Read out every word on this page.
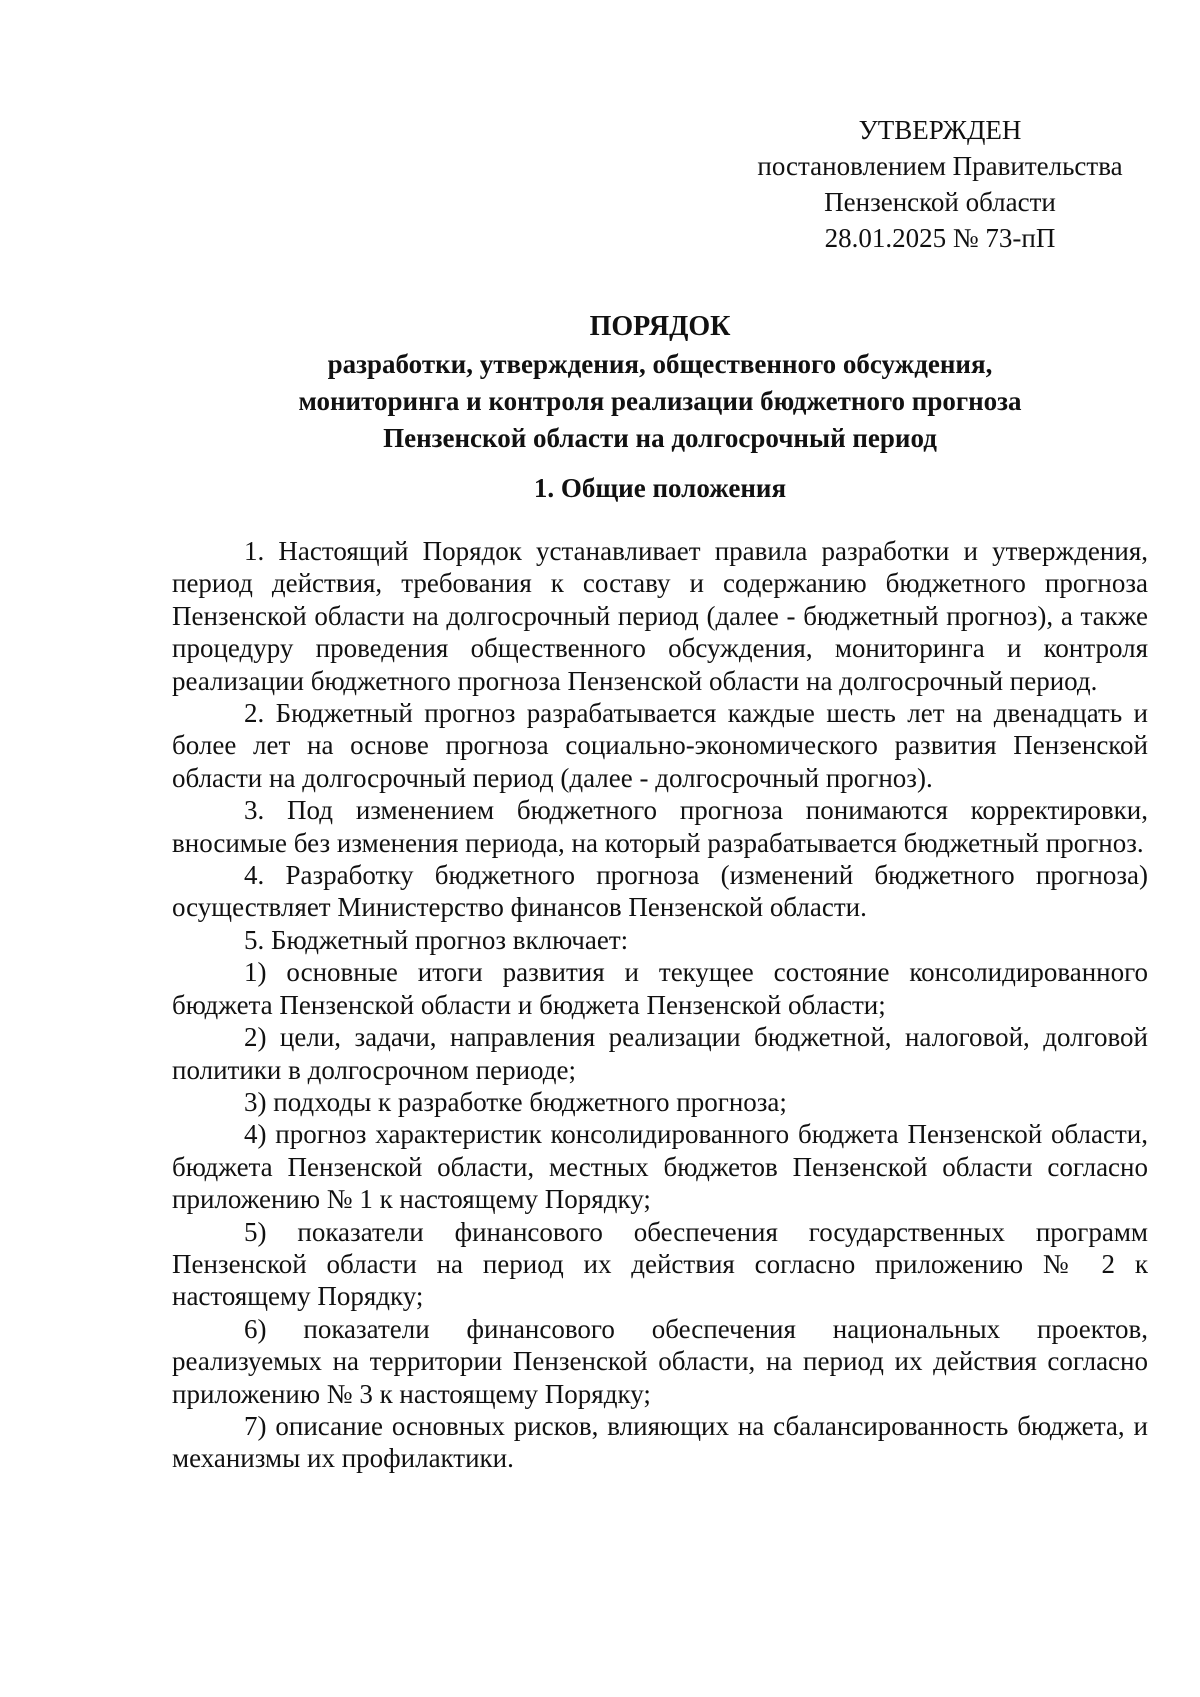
УТВЕРЖДЕН
постановлением Правительства
Пензенской области
28.01.2025 № 73-пП
ПОРЯДОК
разработки, утверждения, общественного обсуждения,
мониторинга и контроля реализации бюджетного прогноза
Пензенской области на долгосрочный период
1. Общие положения

1. Настоящий Порядок устанавливает правила разработки и утверждения, период действия, требования к составу и содержанию бюджетного прогноза Пензенской области на долгосрочный период (далее - бюджетный прогноз), а также процедуру проведения общественного обсуждения, мониторинга и контроля реализации бюджетного прогноза Пензенской области на долгосрочный период.

2. Бюджетный прогноз разрабатывается каждые шесть лет на двенадцать и более лет на основе прогноза социально-экономического развития Пензенской области на долгосрочный период (далее - долгосрочный прогноз).

3. Под изменением бюджетного прогноза понимаются корректировки, вносимые без изменения периода, на который разрабатывается бюджетный прогноз.

4. Разработку бюджетного прогноза (изменений бюджетного прогноза) осуществляет Министерство финансов Пензенской области.

5. Бюджетный прогноз включает:

1) основные итоги развития и текущее состояние консолидированного бюджета Пензенской области и бюджета Пензенской области;

2) цели, задачи, направления реализации бюджетной, налоговой, долговой политики в долгосрочном периоде;

3) подходы к разработке бюджетного прогноза;

4) прогноз характеристик консолидированного бюджета Пензенской области, бюджета Пензенской области, местных бюджетов Пензенской области согласно приложению № 1 к настоящему Порядку;

5) показатели финансового обеспечения государственных программ Пензенской области на период их действия согласно приложению № 2 к настоящему Порядку;

6) показатели финансового обеспечения национальных проектов, реализуемых на территории Пензенской области, на период их действия согласно приложению № 3 к настоящему Порядку;

7) описание основных рисков, влияющих на сбалансированность бюджета, и механизмы их профилактики.
